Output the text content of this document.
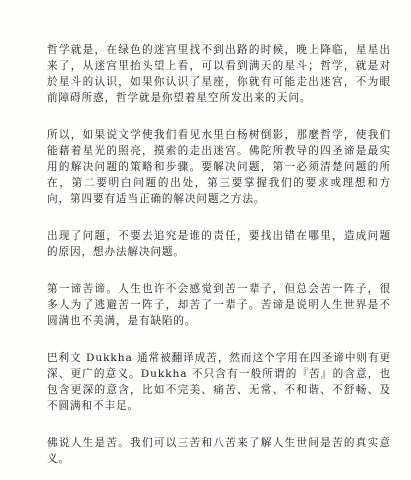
哲学就是，在绿色的迷宫里找不到出路的时候，晚上降临，星星出来了，从迷宫里抬头望上看，可以看到满天的星斗；哲学，就是对於星斗的认识，如果你认识了星座，你就有可能走出迷宫，不为眼前障碍所惑，哲学就是你望着星空所发出来的天问。

所以，如果说文学使我们看见水里白杨树倒影，那麼哲学，使我们能藉着星光的照亮，摸索的走出迷宫。佛陀所教导的四圣谛是最实用的解决问题的策略和步骤。要解决问题，第一必须清楚问题的所在，第二要明白问题的出处，第三要掌握我们的要求或理想和方向，第四要有适当正确的解决问题之方法。

出现了问题，不要去追究是谁的责任，要找出错在哪里，造成问题的原因，想办法解决问题。

第一谛苦谛。人生也许不会感觉到苦一辈子，但总会苦一阵子，很多人为了逃避苦一阵子，却苦了一辈子。苦谛是说明人生世界是不圆满也不美满，是有缺陷的。

巴利文 Dukkha 通常被翻译成苦，然而这个字用在四圣谛中则有更深、更广的意义。Dukkha 不只含有一般所谓的『苦』的含意，也包含更深的意含，比如不完美、痛苦、无常、不和谐、不舒畅、及不圆满和不丰足。

佛说人生是苦。我们可以三苦和八苦来了解人生世间是苦的真实意义。
